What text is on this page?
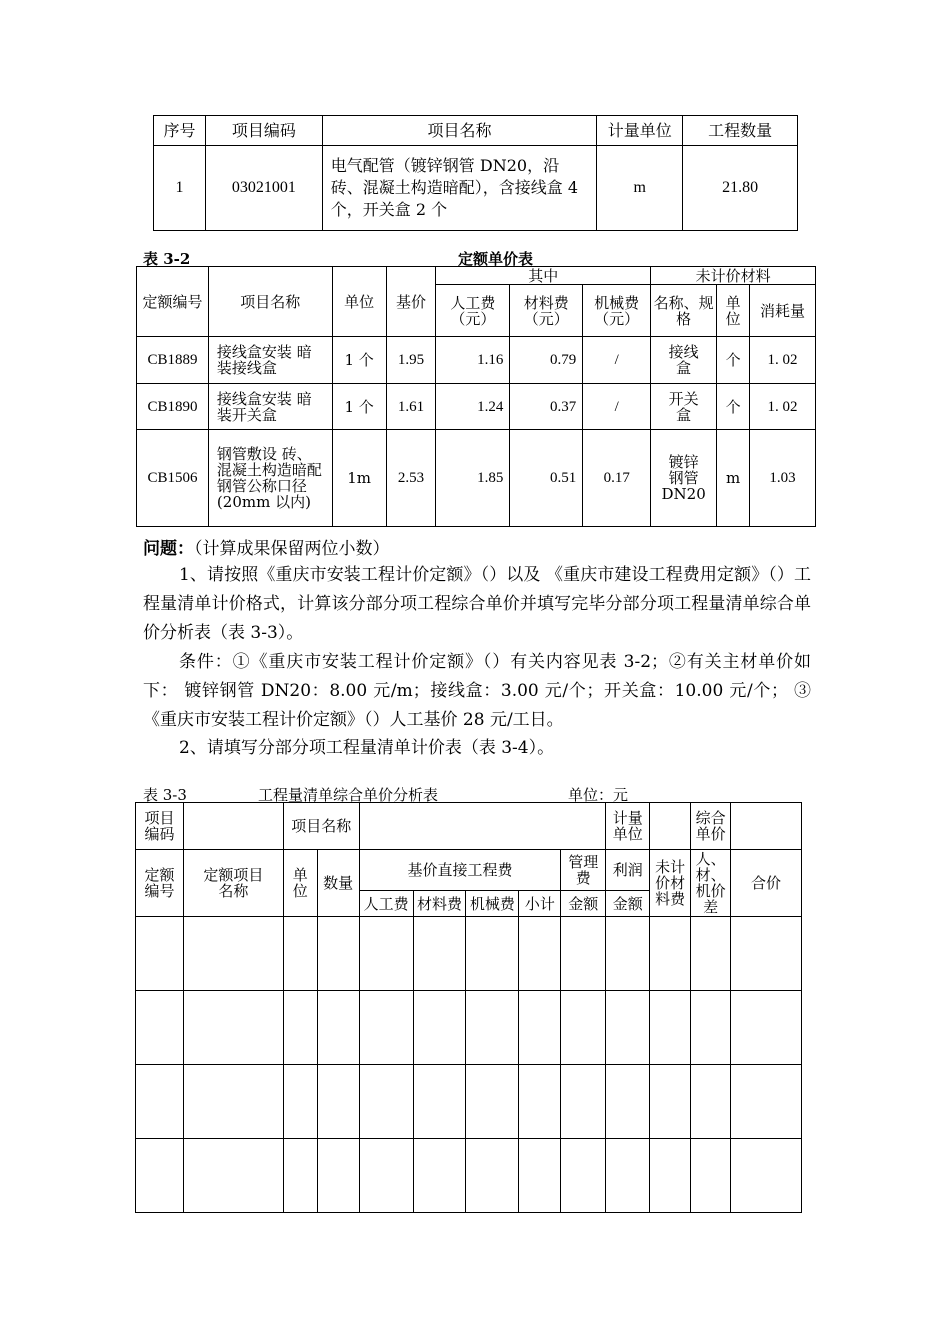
序号	项目编码	项目名称	计量单位	工程数量
1	03021001	电气配管（镀锌钢管 DN20，沿砖、混凝土构造暗配），含接线盒 4 个，开关盒 2 个	m	21.80
表 3-2	定额单价表
定额编号	项目名称	单位	基价	其中			未计价材料		
				人工费（元）	材料费（元）	机械费（元）	名称、规格	单位	消耗量
CB1889	接线盒安装 暗装接线盒	1 个	1.95	1.16	0.79	/	接线盒	个	1. 02
CB1890	接线盒安装 暗装开关盒	1 个	1.61	1.24	0.37	/	开关盒	个	1. 02
CB1506	钢管敷设 砖、混凝土构造暗配 钢管公称口径 (20mm 以内)	1m	2.53	1.85	0.51	0.17	镀锌钢管DN20	m	1.03
问题：（计算成果保留两位小数）

1、请按照《重庆市安装工程计价定额》（）以及 《重庆市建设工程费用定额》（）工程量清单计价格式，计算该分部分项工程综合单价并填写完毕分部分项工程量清单综合单价分析表（表 3-3）。

条件：①《重庆市安装工程计价定额》（）有关内容见表 3-2；②有关主材单价如下： 镀锌钢管 DN20：8.00 元/m；接线盒：3.00 元/个；开关盒：10.00 元/个； ③《重庆市安装工程计价定额》（）人工基价 28 元/工日。

2、请填写分部分项工程量清单计价表（表 3-4）。

表 3-3	工程量清单综合单价分析表	单位：元
项目编码		项目名称							计量单位		综合单价	
定额编号	定额项目名称	单位	数量	基价直接工程费				管理费	利润	未计价材料费	人、材、机价差	合价
				人工费	材料费	机械费	小计	金额	金额			
